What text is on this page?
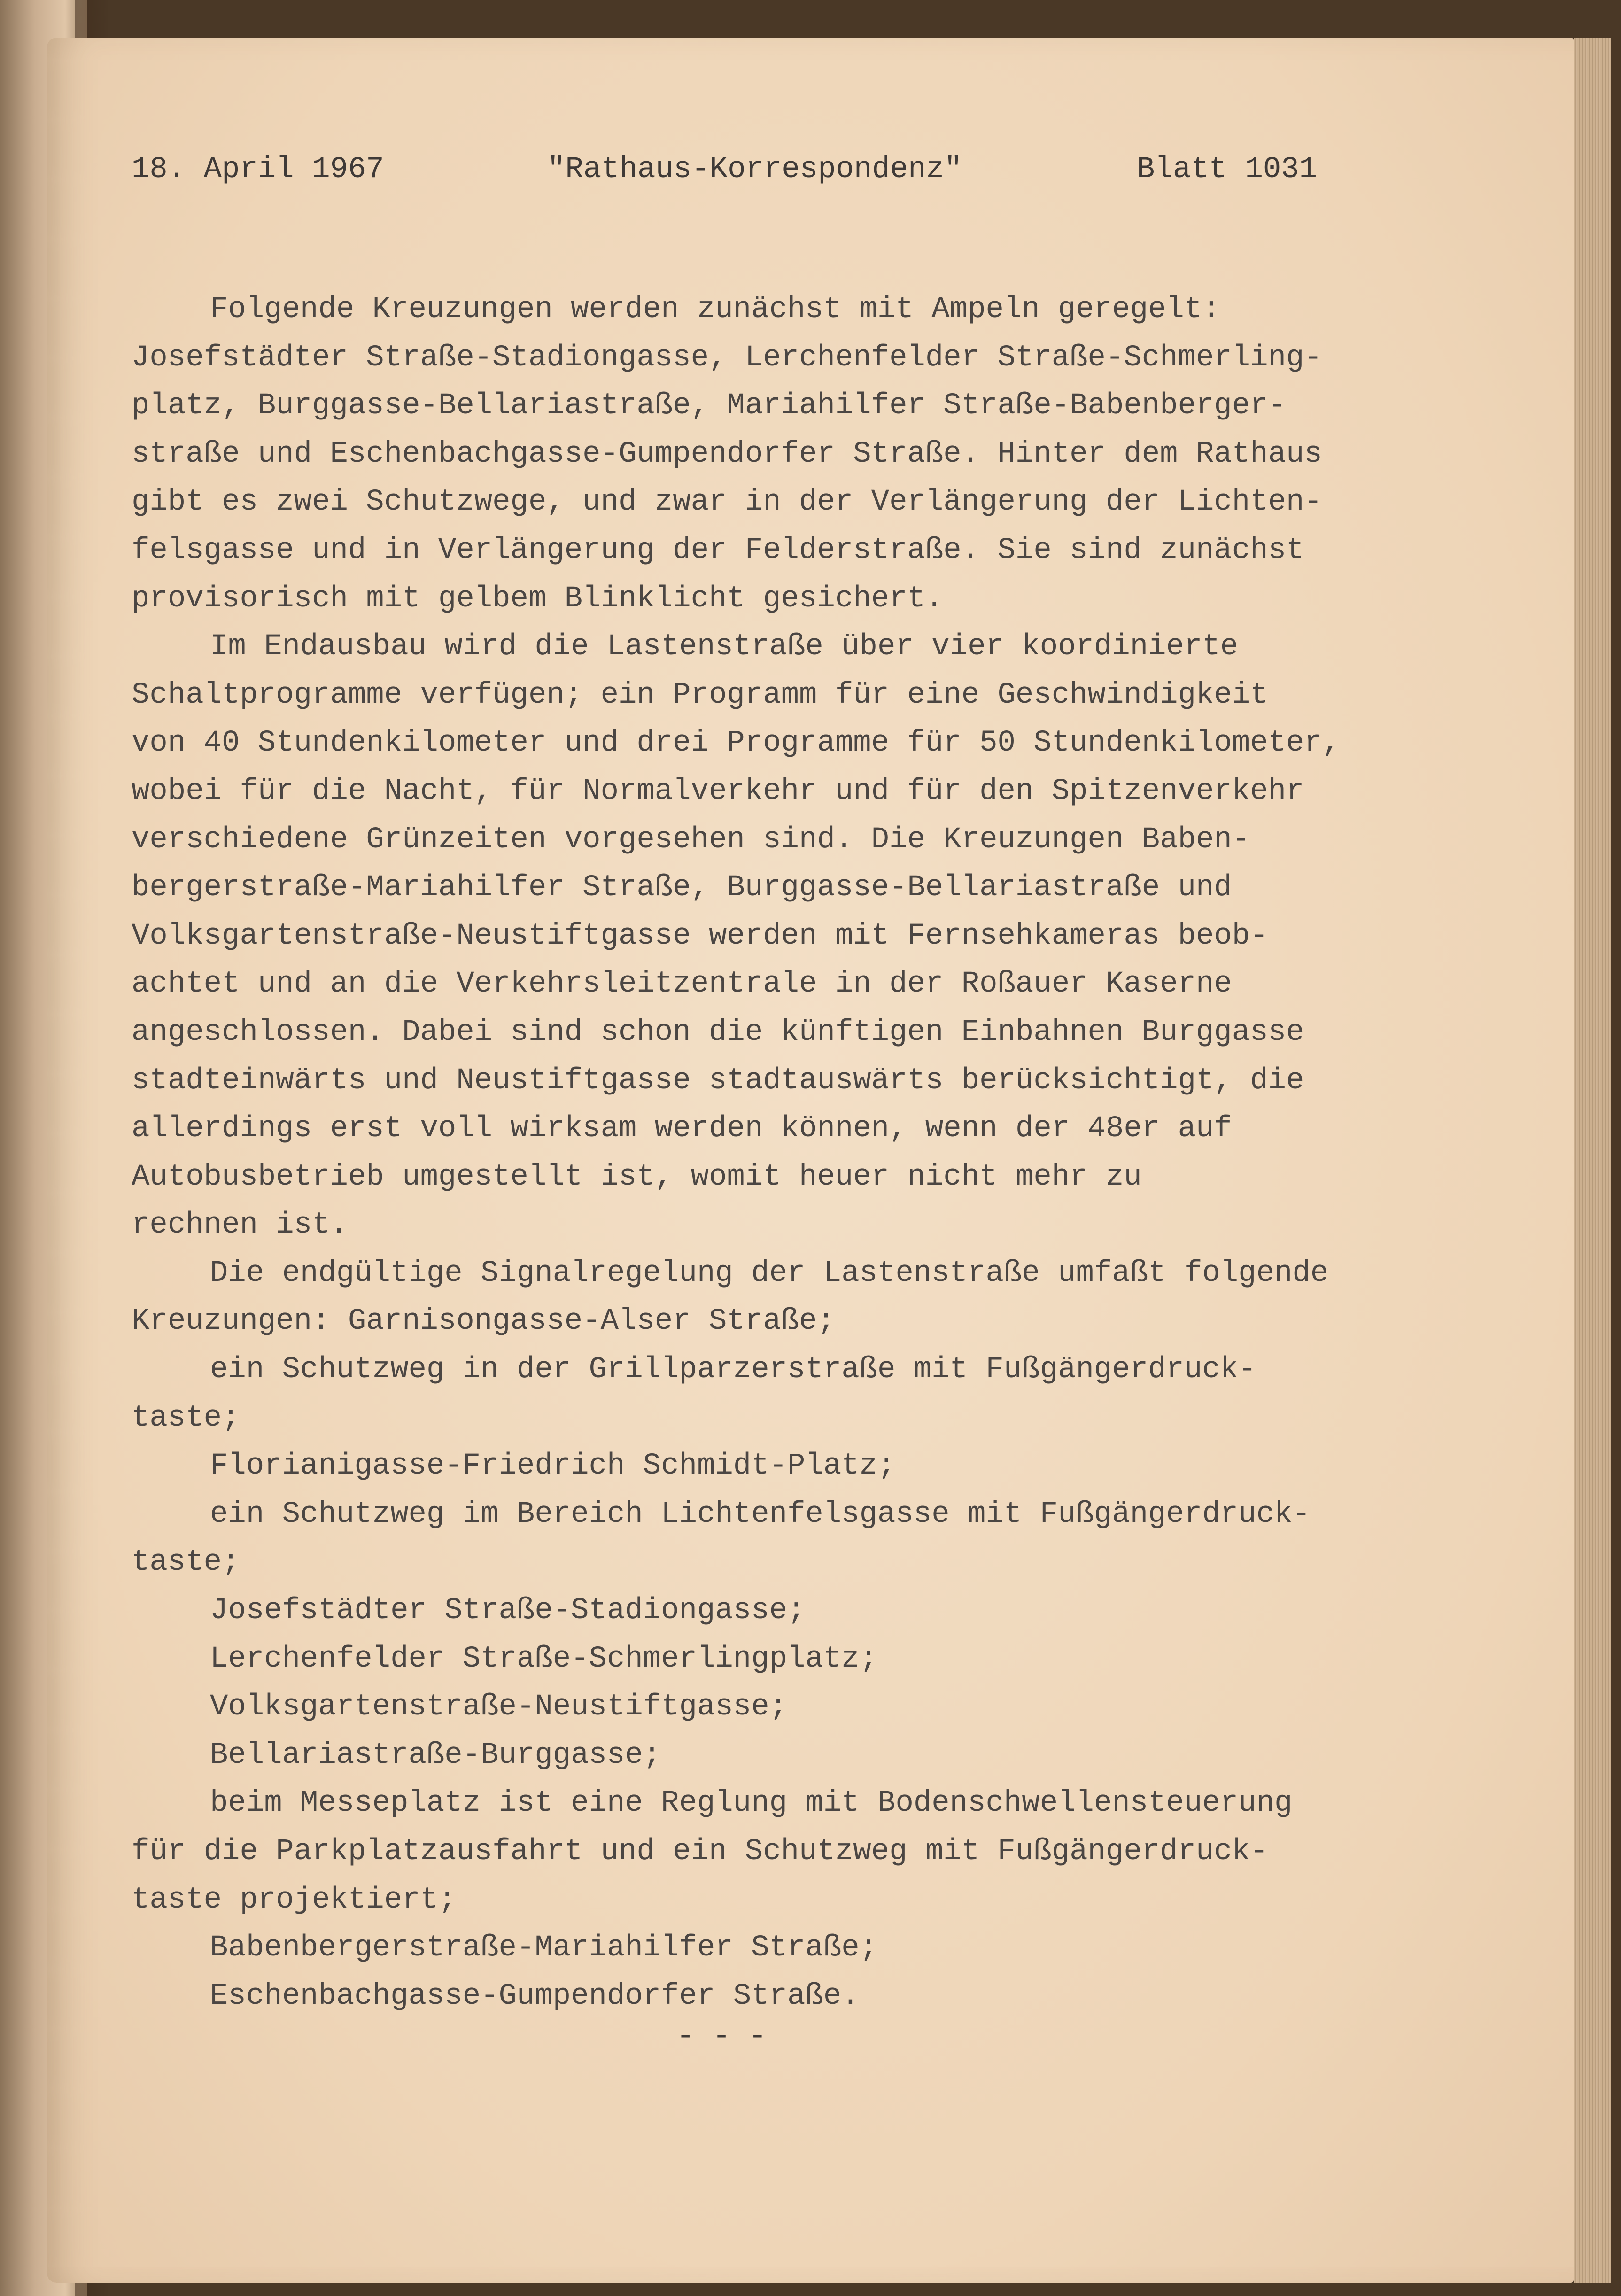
18. April 1967

	"Rathaus-Korrespondenz"

	Blatt 1031

Folgende Kreuzungen werden zunächst mit Ampeln geregelt:
Josefstädter Straße-Stadiongasse, Lerchenfelder Straße-Schmerling-
platz, Burggasse-Bellariastraße, Mariahilfer Straße-Babenberger-
straße und Eschenbachgasse-Gumpendorfer Straße. Hinter dem Rathaus
gibt es zwei Schutzwege, und zwar in der Verlängerung der Lichten-
felsgasse und in Verlängerung der Felderstraße. Sie sind zunächst
provisorisch mit gelbem Blinklicht gesichert.
Im Endausbau wird die Lastenstraße über vier koordinierte
Schaltprogramme verfügen; ein Programm für eine Geschwindigkeit
von 40 Stundenkilometer und drei Programme für 50 Stundenkilometer,
wobei für die Nacht, für Normalverkehr und für den Spitzenverkehr
verschiedene Grünzeiten vorgesehen sind. Die Kreuzungen Baben-
bergerstraße-Mariahilfer Straße, Burggasse-Bellariastraße und
Volksgartenstraße-Neustiftgasse werden mit Fernsehkameras beob-
achtet und an die Verkehrsleitzentrale in der Roßauer Kaserne
angeschlossen. Dabei sind schon die künftigen Einbahnen Burggasse
stadteinwärts und Neustiftgasse stadtauswärts berücksichtigt, die
allerdings erst voll wirksam werden können, wenn der 48er auf
Autobusbetrieb umgestellt ist, womit heuer nicht mehr zu
rechnen ist.
Die endgültige Signalregelung der Lastenstraße umfaßt folgende
Kreuzungen: Garnisongasse-Alser Straße;
ein Schutzweg in der Grillparzerstraße mit Fußgängerdruck-
taste;
Florianigasse-Friedrich Schmidt-Platz;
ein Schutzweg im Bereich Lichtenfelsgasse mit Fußgängerdruck-
taste;
Josefstädter Straße-Stadiongasse;
Lerchenfelder Straße-Schmerlingplatz;
Volksgartenstraße-Neustiftgasse;
Bellariastraße-Burggasse;
beim Messeplatz ist eine Reglung mit Bodenschwellensteuerung
für die Parkplatzausfahrt und ein Schutzweg mit Fußgängerdruck-
taste projektiert;
Babenbergerstraße-Mariahilfer Straße;
Eschenbachgasse-Gumpendorfer Straße.
- - -
